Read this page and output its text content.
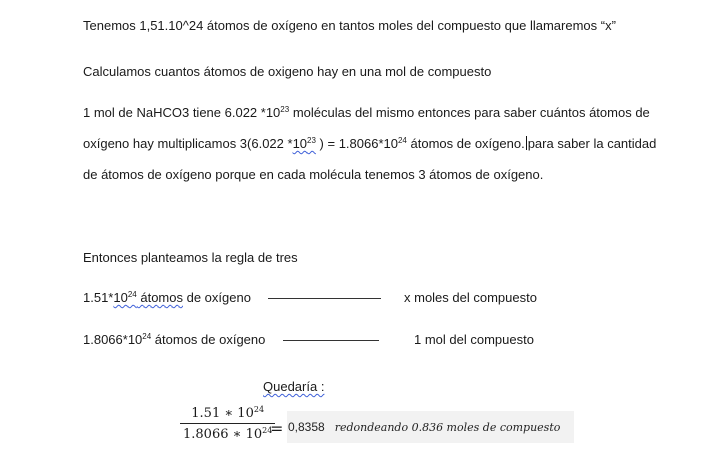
Tenemos 1,51.10^24 átomos de oxígeno en tantos moles del compuesto que llamaremos “x”
Calculamos cuantos átomos de oxigeno hay en una mol de compuesto
1 mol de NaHCO3 tiene 6.022 $*10^{23}$ moléculas del mismo entonces para saber cuántos átomos de
oxígeno hay multiplicamos 3(6.022 $*10^{23}$ ) = $1.8066*10^{24}$ átomos de oxígeno. para saber la cantidad
de átomos de oxígeno porque en cada molécula tenemos 3 átomos de oxígeno.
Entonces planteamos la regla de tres
$1.51*10^{24}$ átomos de oxígeno	x moles del compuesto
$1.8066*10^{24}$ átomos de oxígeno	1 mol del compuesto
Quedaría :
$\frac{1.51 ∗ 10^{24}}{1.8066 ∗ 10^{24}}$
= 0,8358 redondeando 0.836 moles de compuesto
